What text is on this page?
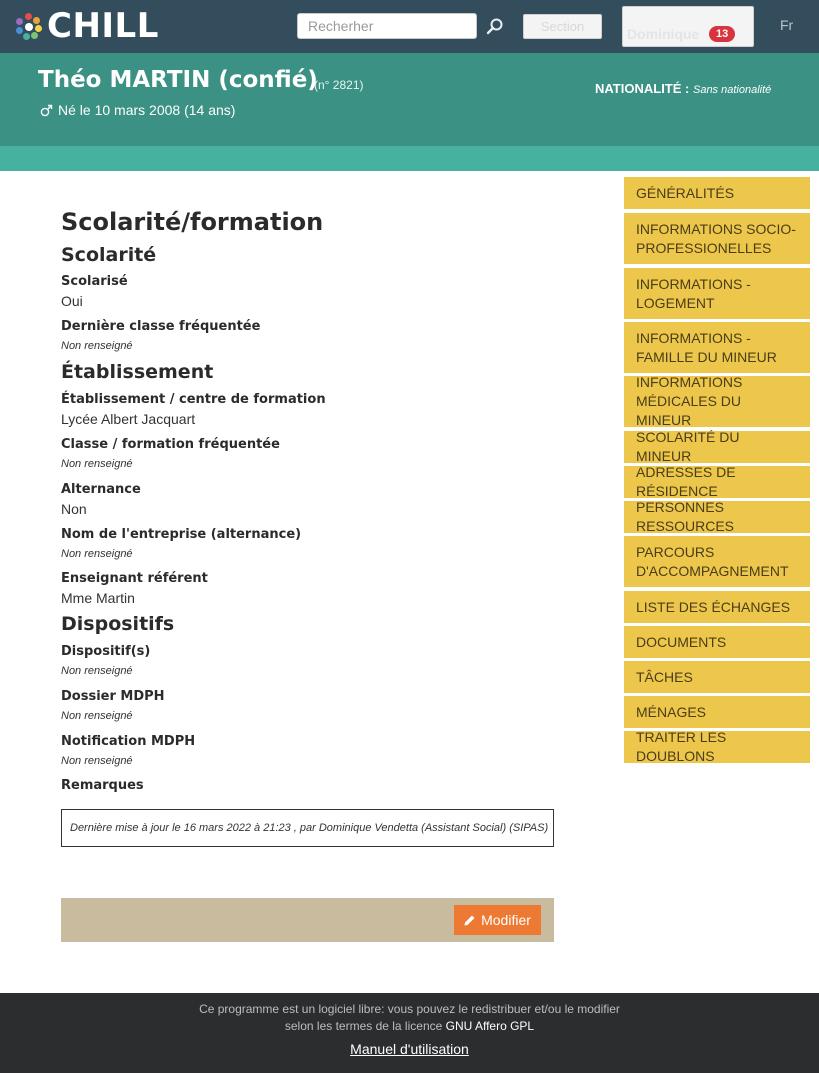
CHILL
Recherher	Section	Dominique	13
Fr
Théo MARTIN (confié)
(n° 2821)
Né le 10 mars 2008 (14 ans)
NATIONALITÉ : Sans nationalité
Scolarité/formation
Scolarité
Scolarisé
Oui
Dernière classe fréquentée
Non renseigné
Établissement
Établissement / centre de formation
Lycée Albert Jacquart
Classe / formation fréquentée
Non renseigné
Alternance
Non
Nom de l'entreprise (alternance)
Non renseigné
Enseignant référent
Mme Martin
Dispositifs
Dispositif(s)
Non renseigné
Dossier MDPH
Non renseigné
Notification MDPH
Non renseigné
Remarques
Dernière mise à jour le 16 mars 2022 à 21:23 , par Dominique Vendetta (Assistant Social) (SIPAS)
Modifier
GÉNÉRALITÉS
INFORMATIONS SOCIO-PROFESSIONELLES
INFORMATIONS - LOGEMENT
INFORMATIONS - FAMILLE DU MINEUR
INFORMATIONS MÉDICALES DU MINEUR
SCOLARITÉ DU MINEUR
ADRESSES DE RÉSIDENCE
PERSONNES RESSOURCES
PARCOURS D'ACCOMPAGNEMENT
LISTE DES ÉCHANGES
DOCUMENTS
TÂCHES
MÉNAGES
TRAITER LES DOUBLONS
Ce programme est un logiciel libre: vous pouvez le redistribuer et/ou le modifier
selon les termes de la licence GNU Affero GPL
Manuel d'utilisation
